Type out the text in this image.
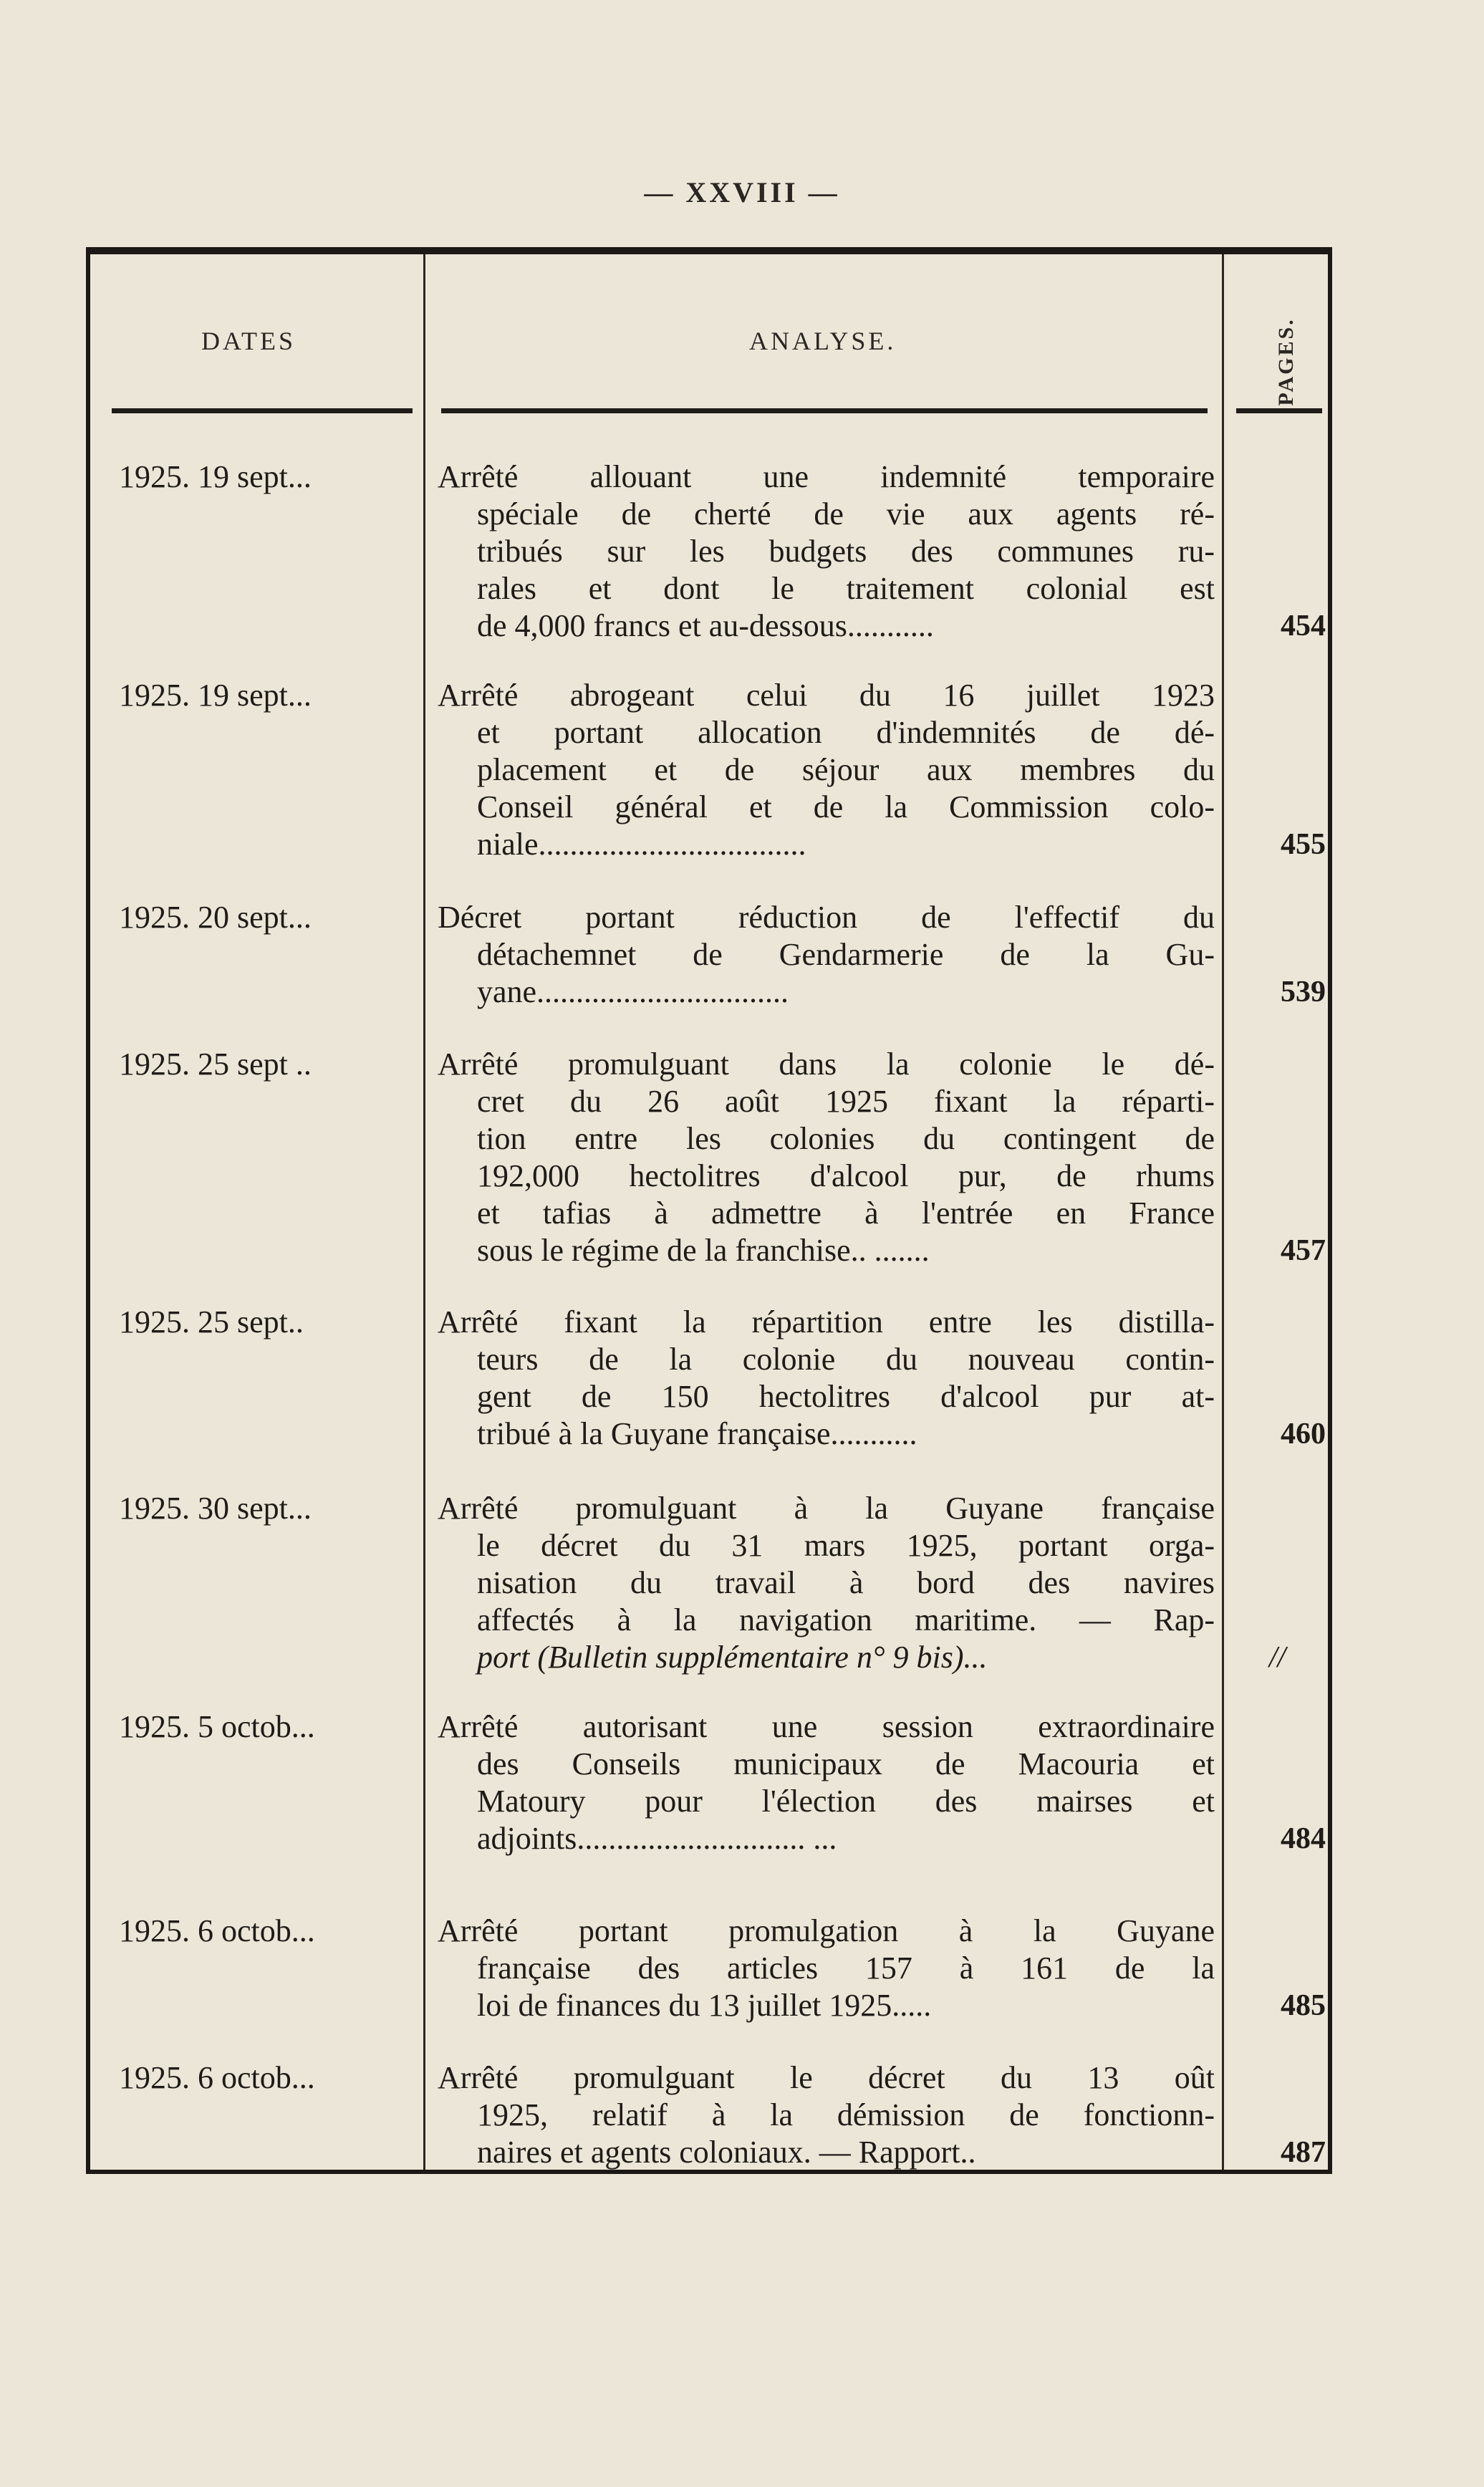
— XXVIII —
DATES	ANALYSE.	PAGES.
1925. 19 sept...	Arrêté allouant une indemnité temporaire
spéciale de cherté de vie aux agents ré-
tribués sur les budgets des communes ru-
rales et dont le traitement colonial est
de 4,000 francs et au-dessous...........	454
1925. 19 sept...	Arrêté abrogeant celui du 16 juillet 1923
et portant allocation d'indemnités de dé-
placement et de séjour aux membres du
Conseil général et de la Commission colo-
niale..................................	455
1925. 20 sept...	Décret portant réduction de l'effectif du
détachemnet de Gendarmerie de la Gu-
yane................................	539
1925. 25 sept ..	Arrêté promulguant dans la colonie le dé-
cret du 26 août 1925 fixant la réparti-
tion entre les colonies du contingent de
192,000 hectolitres d'alcool pur, de rhums
et tafias à admettre à l'entrée en France
sous le régime de la franchise.. .......	457
1925. 25 sept..	Arrêté fixant la répartition entre les distilla-
teurs de la colonie du nouveau contin-
gent de 150 hectolitres d'alcool pur at-
tribué à la Guyane française...........	460
1925. 30 sept...	Arrêté promulguant à la Guyane française
le décret du 31 mars 1925, portant orga-
nisation du travail à bord des navires
affectés à la navigation maritime. — Rap-
port (Bulletin supplémentaire n° 9 bis)...	//
1925. 5 octob...	Arrêté autorisant une session extraordinaire
des Conseils municipaux de Macouria et
Matoury pour l'élection des mairses et
adjoints............................. ...	484
1925. 6 octob...	Arrêté portant promulgation à la Guyane
française des articles 157 à 161 de la
loi de finances du 13 juillet 1925.....	485
1925. 6 octob...	Arrêté promulguant le décret du 13 oût
1925, relatif à la démission de fonctionn-
naires et agents coloniaux. — Rapport..	487
